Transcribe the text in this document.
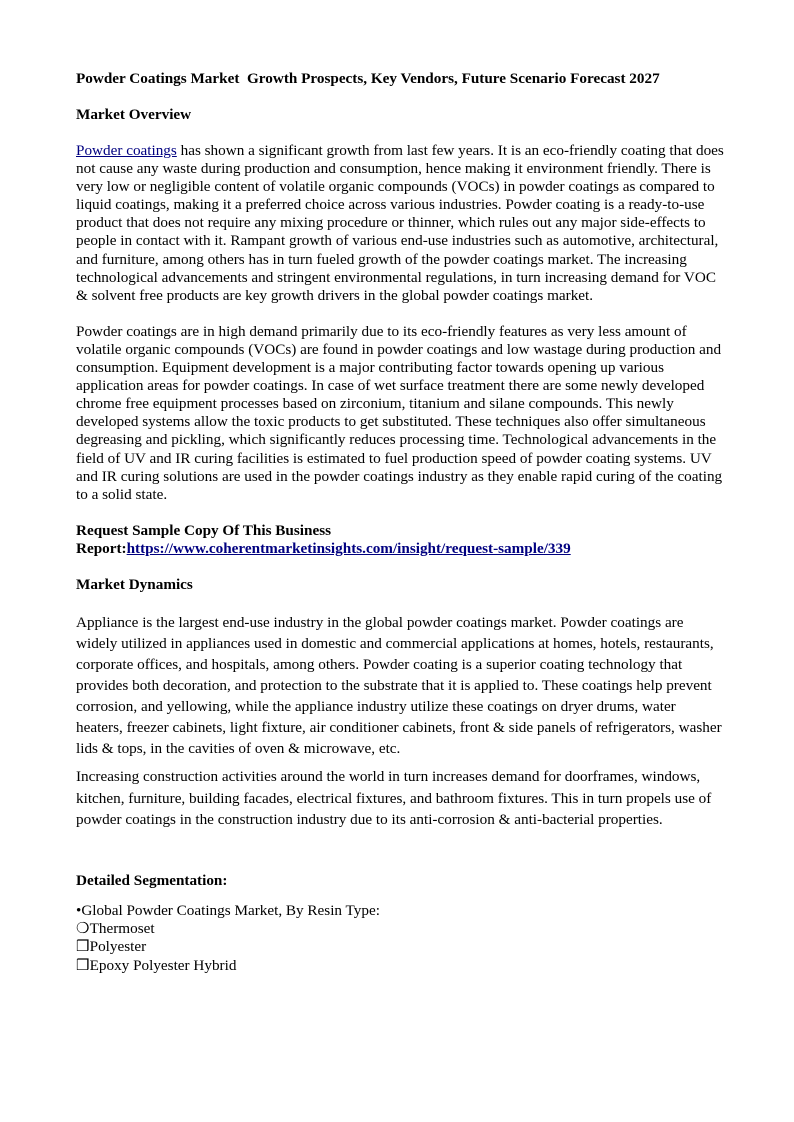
Powder Coatings Market  Growth Prospects, Key Vendors, Future Scenario Forecast 2027
Market Overview
Powder coatings has shown a significant growth from last few years. It is an eco-friendly coating that does not cause any waste during production and consumption, hence making it environment friendly. There is very low or negligible content of volatile organic compounds (VOCs) in powder coatings as compared to liquid coatings, making it a preferred choice across various industries. Powder coating is a ready-to-use product that does not require any mixing procedure or thinner, which rules out any major side-effects to people in contact with it. Rampant growth of various end-use industries such as automotive, architectural, and furniture, among others has in turn fueled growth of the powder coatings market. The increasing technological advancements and stringent environmental regulations, in turn increasing demand for VOC & solvent free products are key growth drivers in the global powder coatings market.
Powder coatings are in high demand primarily due to its eco-friendly features as very less amount of volatile organic compounds (VOCs) are found in powder coatings and low wastage during production and consumption. Equipment development is a major contributing factor towards opening up various application areas for powder coatings. In case of wet surface treatment there are some newly developed chrome free equipment processes based on zirconium, titanium and silane compounds. This newly developed systems allow the toxic products to get substituted. These techniques also offer simultaneous degreasing and pickling, which significantly reduces processing time. Technological advancements in the field of UV and IR curing facilities is estimated to fuel production speed of powder coating systems. UV and IR curing solutions are used in the powder coatings industry as they enable rapid curing of the coating to a solid state.
Request Sample Copy Of This Business Report:https://www.coherentmarketinsights.com/insight/request-sample/339
Market Dynamics
Appliance is the largest end-use industry in the global powder coatings market. Powder coatings are widely utilized in appliances used in domestic and commercial applications at homes, hotels, restaurants, corporate offices, and hospitals, among others. Powder coating is a superior coating technology that provides both decoration, and protection to the substrate that it is applied to. These coatings help prevent corrosion, and yellowing, while the appliance industry utilize these coatings on dryer drums, water heaters, freezer cabinets, light fixture, air conditioner cabinets, front & side panels of refrigerators, washer lids & tops, in the cavities of oven & microwave, etc.
Increasing construction activities around the world in turn increases demand for doorframes, windows, kitchen, furniture, building facades, electrical fixtures, and bathroom fixtures. This in turn propels use of powder coatings in the construction industry due to its anti-corrosion & anti-bacterial properties.
Detailed Segmentation:
•Global Powder Coatings Market, By Resin Type:
❍Thermoset
❒Polyester
❒Epoxy Polyester Hybrid
